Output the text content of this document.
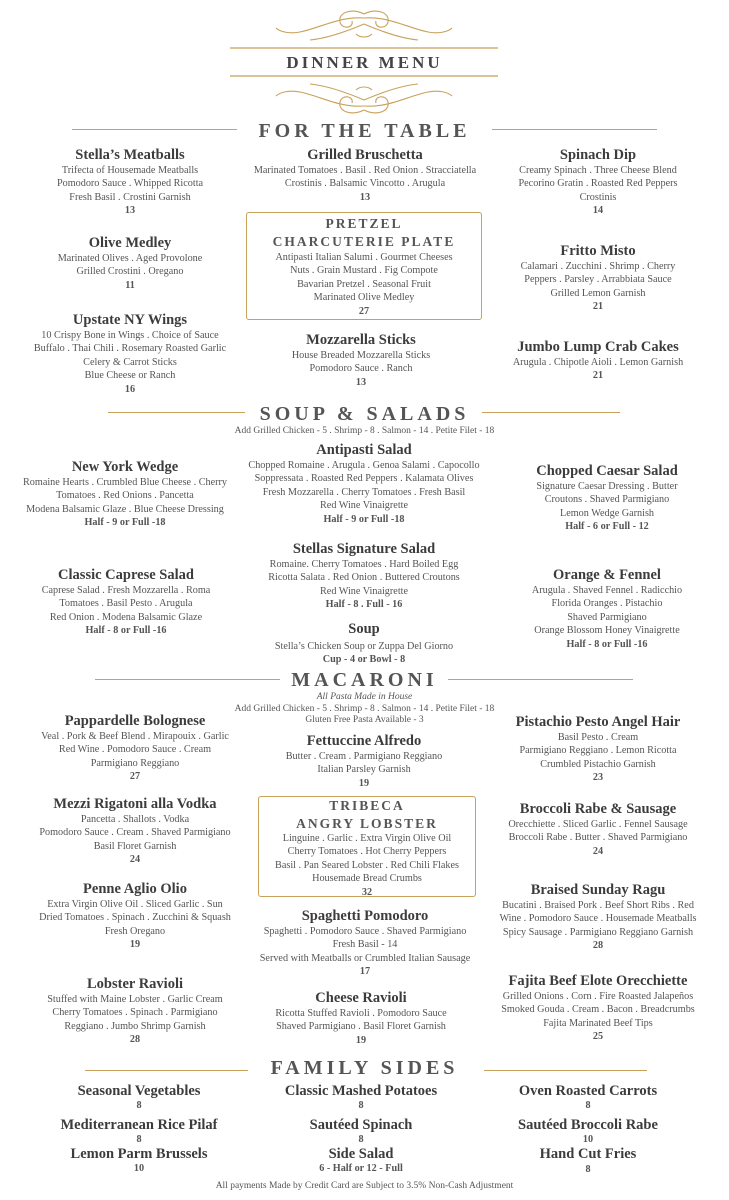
DINNER MENU
FOR THE TABLE
Stella’s Meatballs
Trifecta of Housemade Meatballs
Pomodoro Sauce . Whipped Ricotta
Fresh Basil . Crostini Garnish
13
Grilled Bruschetta
Marinated Tomatoes . Basil . Red Onion . Stracciatella
Crostinis . Balsamic Vincotto . Arugula
13
Spinach Dip
Creamy Spinach . Three Cheese Blend
Pecorino Gratin . Roasted Red Peppers
Crostinis
14
Olive Medley
Marinated Olives . Aged Provolone
Grilled Crostini . Oregano
11
PRETZEL
CHARCUTERIE PLATE
Antipasti Italian Salumi . Gourmet Cheeses
Nuts . Grain Mustard . Fig Compote
Bavarian Pretzel . Seasonal Fruit
Marinated Olive Medley
27
Fritto Misto
Calamari . Zucchini . Shrimp . Cherry
Peppers . Parsley . Arrabbiata Sauce
Grilled Lemon Garnish
21
Upstate NY Wings
10 Crispy Bone in Wings . Choice of Sauce
Buffalo . Thai Chili . Rosemary Roasted Garlic
Celery & Carrot Sticks
Blue Cheese or Ranch
16
Mozzarella Sticks
House Breaded Mozzarella Sticks
Pomodoro Sauce . Ranch
13
Jumbo Lump Crab Cakes
Arugula . Chipotle Aioli . Lemon Garnish
21
SOUP & SALADS
Add Grilled Chicken - 5 . Shrimp - 8 . Salmon - 14 . Petite Filet - 18
New York Wedge
Romaine Hearts . Crumbled Blue Cheese . Cherry
Tomatoes . Red Onions . Pancetta
Modena Balsamic Glaze . Blue Cheese Dressing
Half - 9 or Full -18
Antipasti Salad
Chopped Romaine . Arugula . Genoa Salami . Capocollo
Soppressata . Roasted Red Peppers . Kalamata Olives
Fresh Mozzarella . Cherry Tomatoes . Fresh Basil
Red Wine Vinaigrette
Half - 9 or Full -18
Chopped Caesar Salad
Signature Caesar Dressing . Butter
Croutons . Shaved Parmigiano
Lemon Wedge Garnish
Half - 6 or Full - 12
Classic Caprese Salad
Caprese Salad . Fresh Mozzarella . Roma
Tomatoes . Basil Pesto . Arugula
Red Onion . Modena Balsamic Glaze
Half - 8 or Full -16
Stellas Signature Salad
Romaine. Cherry Tomatoes . Hard Boiled Egg
Ricotta Salata . Red Onion . Buttered Croutons
Red Wine Vinaigrette
Half - 8 . Full - 16
Orange & Fennel
Arugula . Shaved Fennel . Radicchio
Florida Oranges . Pistachio
Shaved Parmigiano
Orange Blossom Honey Vinaigrette
Half - 8 or Full -16
Soup
Stella’s Chicken Soup or Zuppa Del Giorno
Cup - 4 or Bowl - 8
MACARONI
All Pasta Made in House
Add Grilled Chicken - 5 . Shrimp - 8 . Salmon - 14 . Petite Filet - 18
Gluten Free Pasta Available - 3
Pappardelle Bolognese
Veal . Pork & Beef Blend . Mirapouix . Garlic
Red Wine . Pomodoro Sauce . Cream
Parmigiano Reggiano
27
Fettuccine Alfredo
Butter . Cream . Parmigiano Reggiano
Italian Parsley Garnish
19
Pistachio Pesto Angel Hair
Basil Pesto . Cream
Parmigiano Reggiano . Lemon Ricotta
Crumbled Pistachio Garnish
23
Mezzi Rigatoni alla Vodka
Pancetta . Shallots . Vodka
Pomodoro Sauce . Cream . Shaved Parmigiano
Basil Floret Garnish
24
TRIBECA
ANGRY LOBSTER
Linguine . Garlic . Extra Virgin Olive Oil
Cherry Tomatoes . Hot Cherry Peppers
Basil . Pan Seared Lobster . Red Chili Flakes
Housemade Bread Crumbs
32
Broccoli Rabe & Sausage
Orecchiette . Sliced Garlic . Fennel Sausage
Broccoli Rabe . Butter . Shaved Parmigiano
24
Penne Aglio Olio
Extra Virgin Olive Oil . Sliced Garlic . Sun
Dried Tomatoes . Spinach . Zucchini & Squash
Fresh Oregano
19
Spaghetti Pomodoro
Spaghetti . Pomodoro Sauce . Shaved Parmigiano
Fresh Basil - 14
Served with Meatballs or Crumbled Italian Sausage
17
Braised Sunday Ragu
Bucatini . Braised Pork . Beef Short Ribs . Red
Wine . Pomodoro Sauce . Housemade Meatballs
Spicy Sausage . Parmigiano Reggiano Garnish
28
Lobster Ravioli
Stuffed with Maine Lobster . Garlic Cream
Cherry Tomatoes . Spinach . Parmigiano
Reggiano . Jumbo Shrimp Garnish
28
Cheese Ravioli
Ricotta Stuffed Ravioli . Pomodoro Sauce
Shaved Parmigiano . Basil Floret Garnish
19
Fajita Beef Elote Orecchiette
Grilled Onions . Corn . Fire Roasted Jalapeños
Smoked Gouda . Cream . Bacon . Breadcrumbs
Fajita Marinated Beef Tips
25
FAMILY SIDES
Seasonal Vegetables
8
Classic Mashed Potatoes
8
Oven Roasted Carrots
8
Mediterranean Rice Pilaf
8
Sautéed Spinach
8
Sautéed Broccoli Rabe
10
Lemon Parm Brussels
10
Side Salad
6 - Half or 12 - Full
Hand Cut Fries
8
All payments Made by Credit Card are Subject to 3.5% Non-Cash Adjustment
